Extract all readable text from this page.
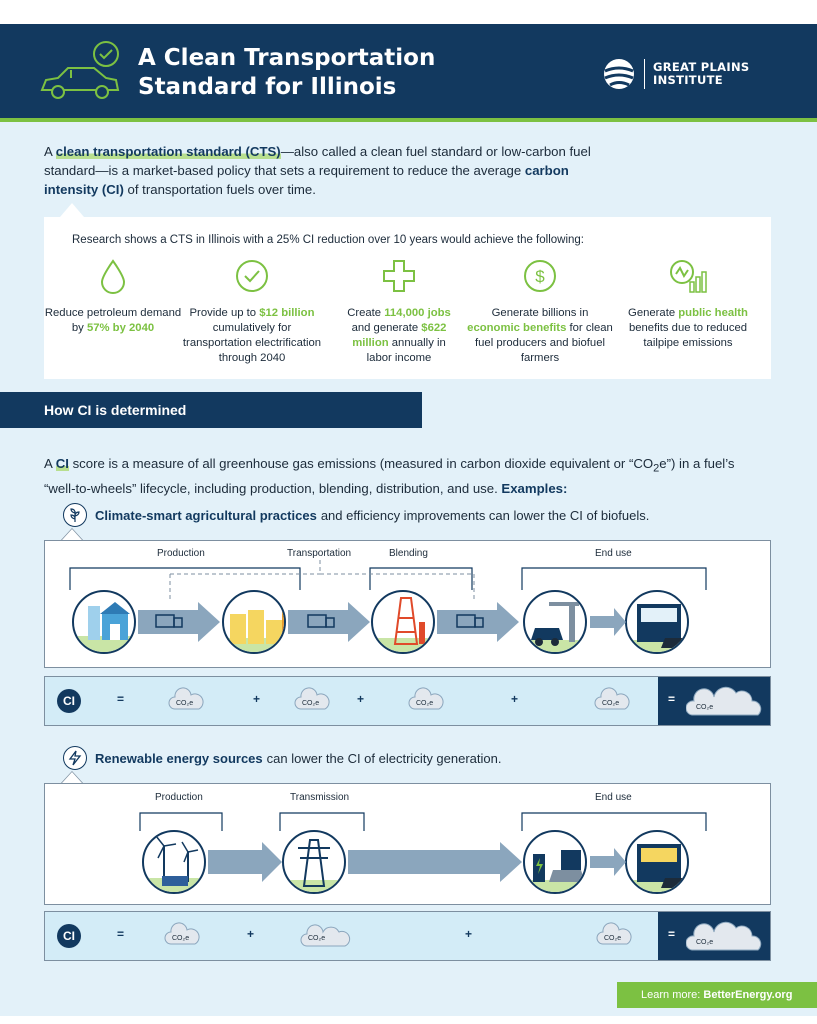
A Clean Transportation
Standard for Illinois
GREAT PLAINS
INSTITUTE

A clean transportation standard (CTS)—also called a clean fuel standard or low-carbon fuel standard—is a market-based policy that sets a requirement to reduce the average carbon intensity (CI) of transportation fuels over time.

Research shows a CTS in Illinois with a 25% CI reduction over 10 years would achieve the following:
Reduce petroleum demand by 57% by 2040
Provide up to $12 billion cumulatively for transportation electrification through 2040
Create 114,000 jobs and generate $622 million annually in labor income
$
Generate billions in economic benefits for clean fuel producers and biofuel farmers
Generate public health benefits due to reduced tailpipe emissions
How CI is determined

A CI score is a measure of all greenhouse gas emissions (measured in carbon dioxide equivalent or “$CO_2e$”) in a fuel’s “well-to-wheels” lifecycle, including production, blending, distribution, and use. Examples:

Climate-smart agricultural practices and efficiency improvements can lower the CI of biofuels.
Production	Transportation	Blending	End use
CI	=	CO₂e	+	CO₂e	+	CO₂e	+	CO₂e	=
CO₂e
Renewable energy sources can lower the CI of electricity generation.
Production	Transmission	End use
CI	=	CO₂e	+	CO₂e	+	CO₂e	=
CO₂e
Learn more: BetterEnergy.org
